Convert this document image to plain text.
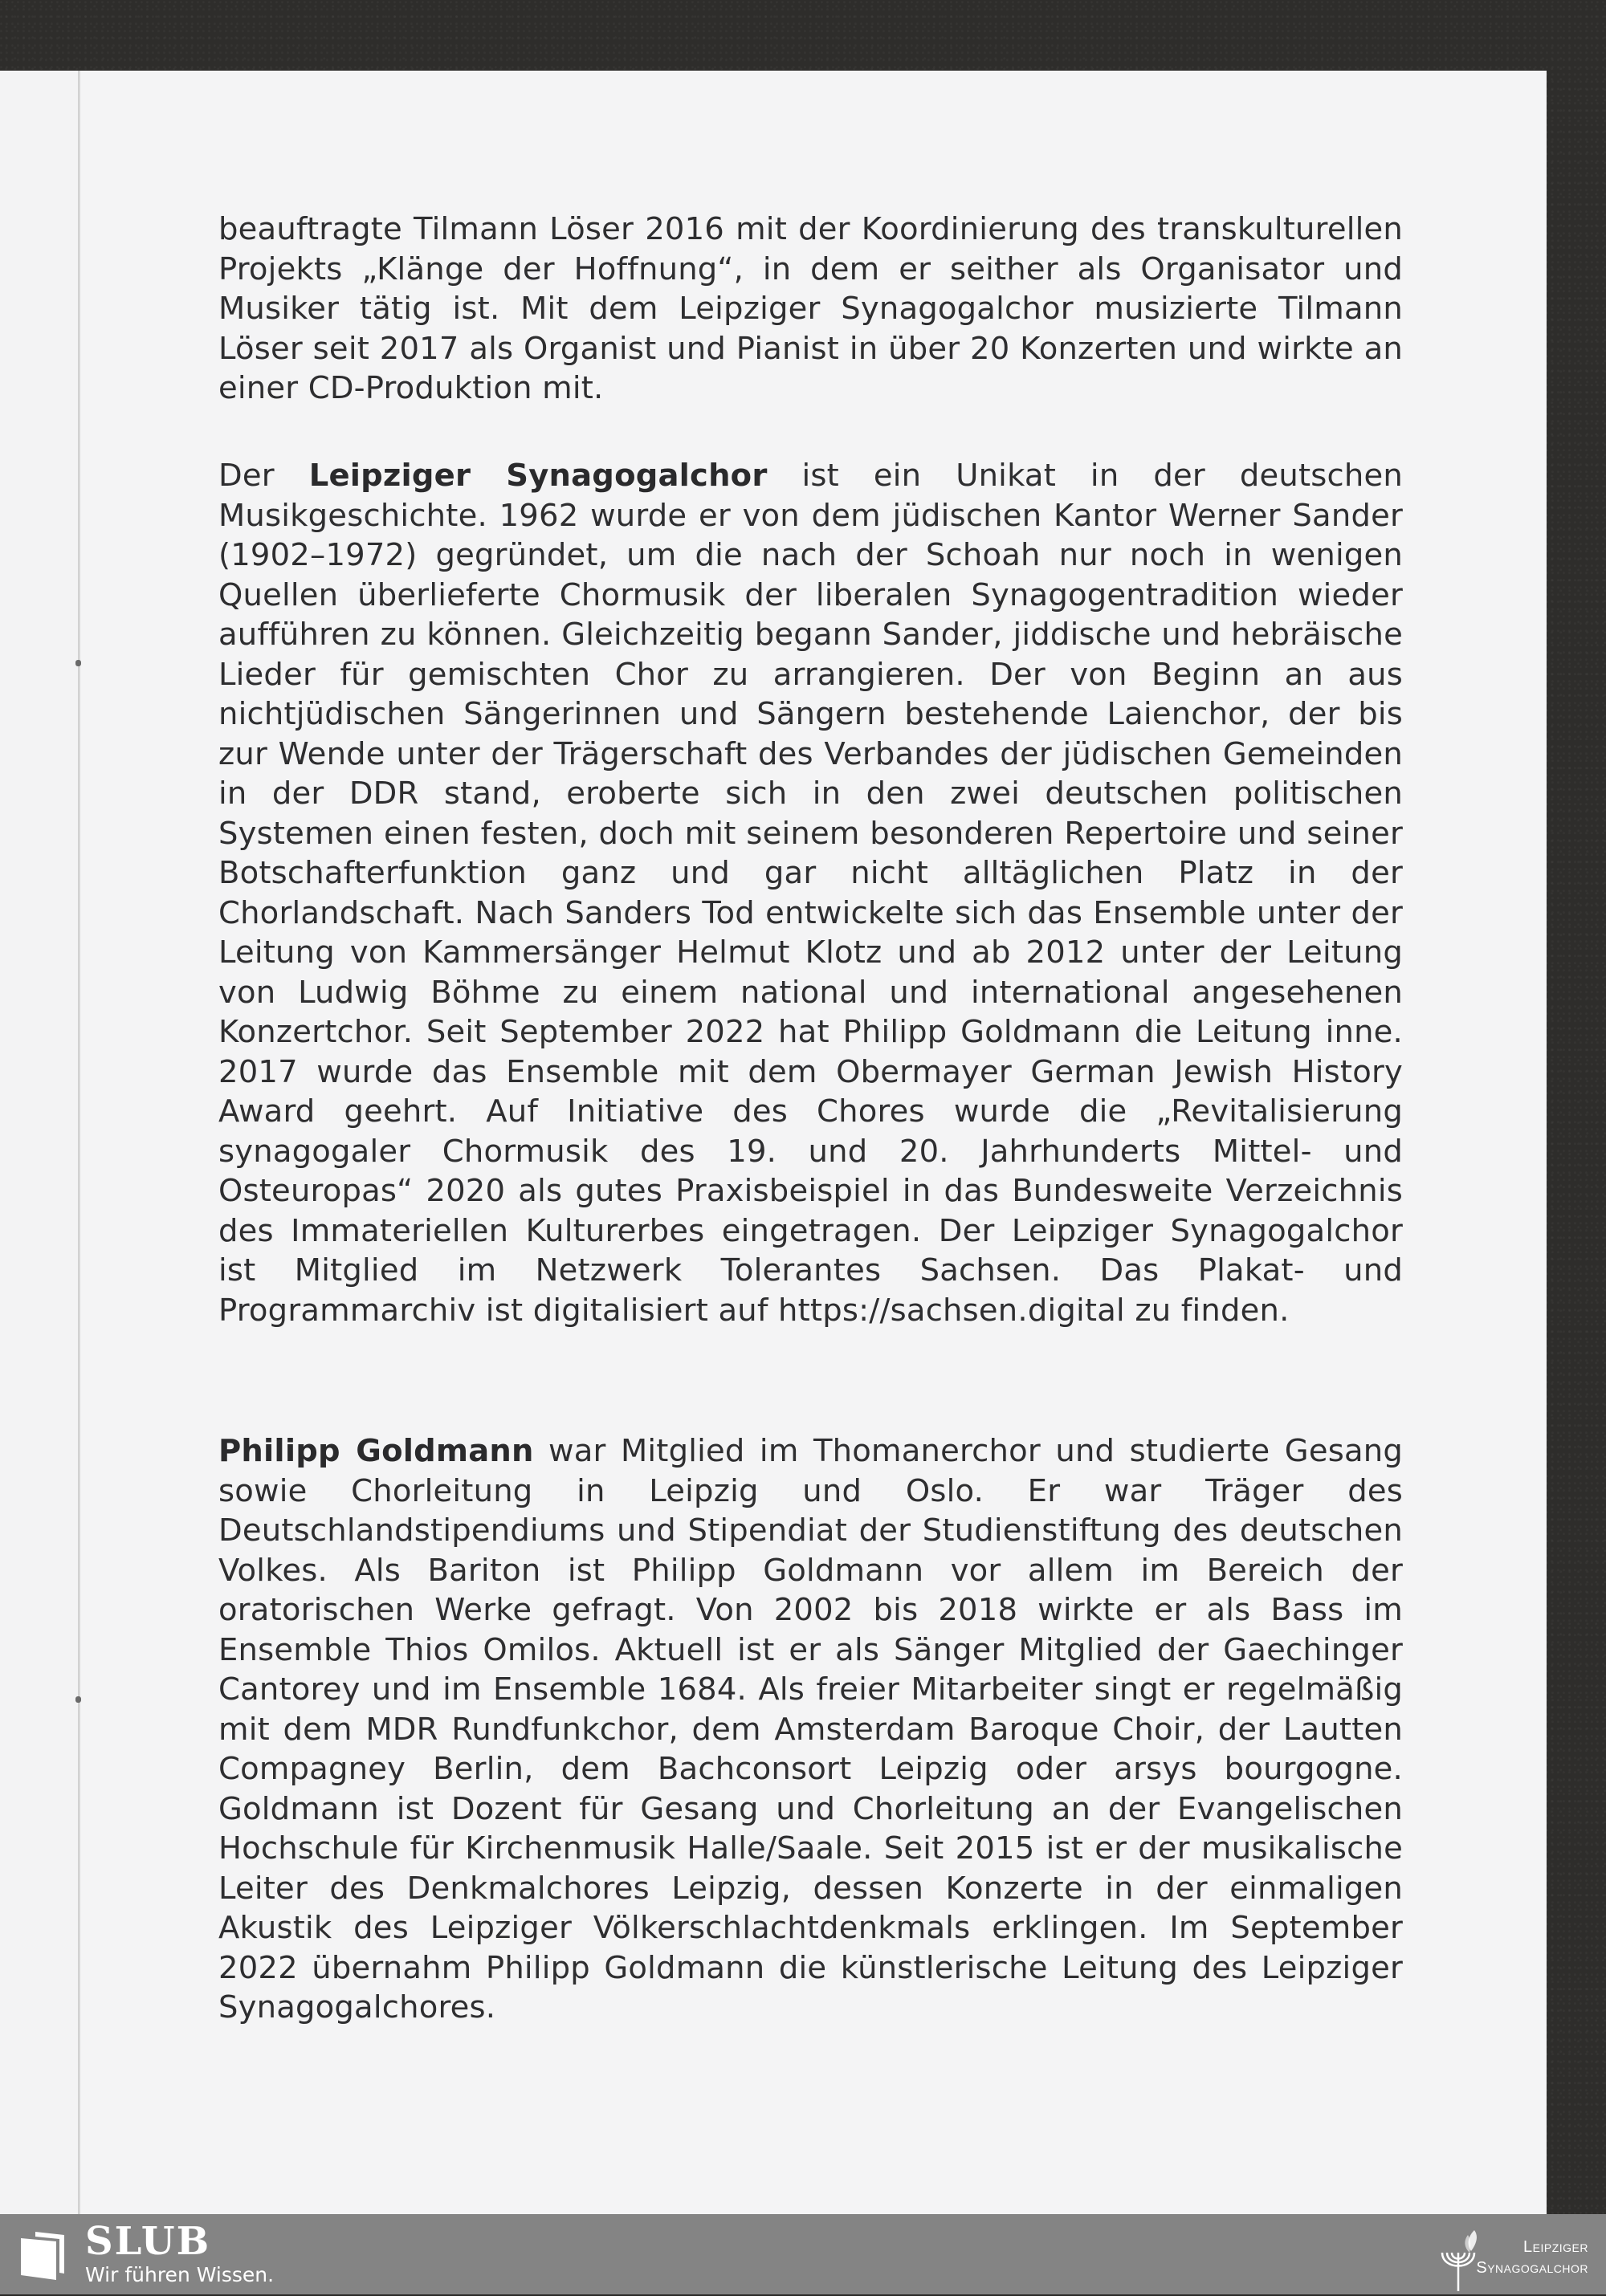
beauftragte Tilmann Löser 2016 mit der Koordinierung des transkulturellen Projekts „Klänge der Hoffnung“, in dem er seither als Organisator und Musiker tätig ist. Mit dem Leipziger Synagogalchor musizierte Tilmann Löser seit 2017 als Organist und Pianist in über 20 Konzerten und wirkte an einer CD-Produktion mit.
Der Leipziger Synagogalchor ist ein Unikat in der deutschen Musikgeschichte. 1962 wurde er von dem jüdischen Kantor Werner Sander (1902–1972) gegründet, um die nach der Schoah nur noch in wenigen Quellen überlieferte Chormusik der liberalen Synagogentradition wieder aufführen zu können. Gleichzeitig begann Sander, jiddische und hebräische Lieder für gemischten Chor zu arrangieren. Der von Beginn an aus nichtjüdischen Sängerinnen und Sängern bestehende Laienchor, der bis zur Wende unter der Trägerschaft des Verbandes der jüdischen Gemeinden in der DDR stand, eroberte sich in den zwei deutschen politischen Systemen einen festen, doch mit seinem besonderen Repertoire und seiner Botschafterfunktion ganz und gar nicht alltäglichen Platz in der Chorlandschaft. Nach Sanders Tod entwickelte sich das Ensemble unter der Leitung von Kammersänger Helmut Klotz und ab 2012 unter der Leitung von Ludwig Böhme zu einem national und international angesehenen Konzertchor. Seit September 2022 hat Philipp Goldmann die Leitung inne. 2017 wurde das Ensemble mit dem Obermayer German Jewish History Award geehrt. Auf Initiative des Chores wurde die „Revitalisierung synagogaler Chormusik des 19. und 20. Jahrhunderts Mittel- und Osteuropas“ 2020 als gutes Praxisbeispiel in das Bundesweite Verzeichnis des Immateriellen Kulturerbes eingetragen. Der Leipziger Synagogalchor ist Mitglied im Netzwerk Tolerantes Sachsen. Das Plakat- und Programmarchiv ist digitalisiert auf https://sachsen.digital zu finden.
Philipp Goldmann war Mitglied im Thomanerchor und studierte Gesang sowie Chorleitung in Leipzig und Oslo. Er war Träger des Deutschlandstipendiums und Stipendiat der Studienstiftung des deutschen Volkes. Als Bariton ist Philipp Goldmann vor allem im Bereich der oratorischen Werke gefragt. Von 2002 bis 2018 wirkte er als Bass im Ensemble Thios Omilos. Aktuell ist er als Sänger Mitglied der Gaechinger Cantorey und im Ensemble 1684. Als freier Mitarbeiter singt er regelmäßig mit dem MDR Rundfunkchor, dem Amsterdam Baroque Choir, der Lautten Compagney Berlin, dem Bachconsort Leipzig oder arsys bourgogne. Goldmann ist Dozent für Gesang und Chorleitung an der Evangelischen Hochschule für Kirchenmusik Halle/Saale. Seit 2015 ist er der musikalische Leiter des Denkmalchores Leipzig, dessen Konzerte in der einmaligen Akustik des Leipziger Völkerschlachtdenkmals erklingen. Im September 2022 übernahm Philipp Goldmann die künstlerische Leitung des Leipziger Synagogalchores.
SLUB
Wir führen Wissen.
Leipziger
Synagogalchor
